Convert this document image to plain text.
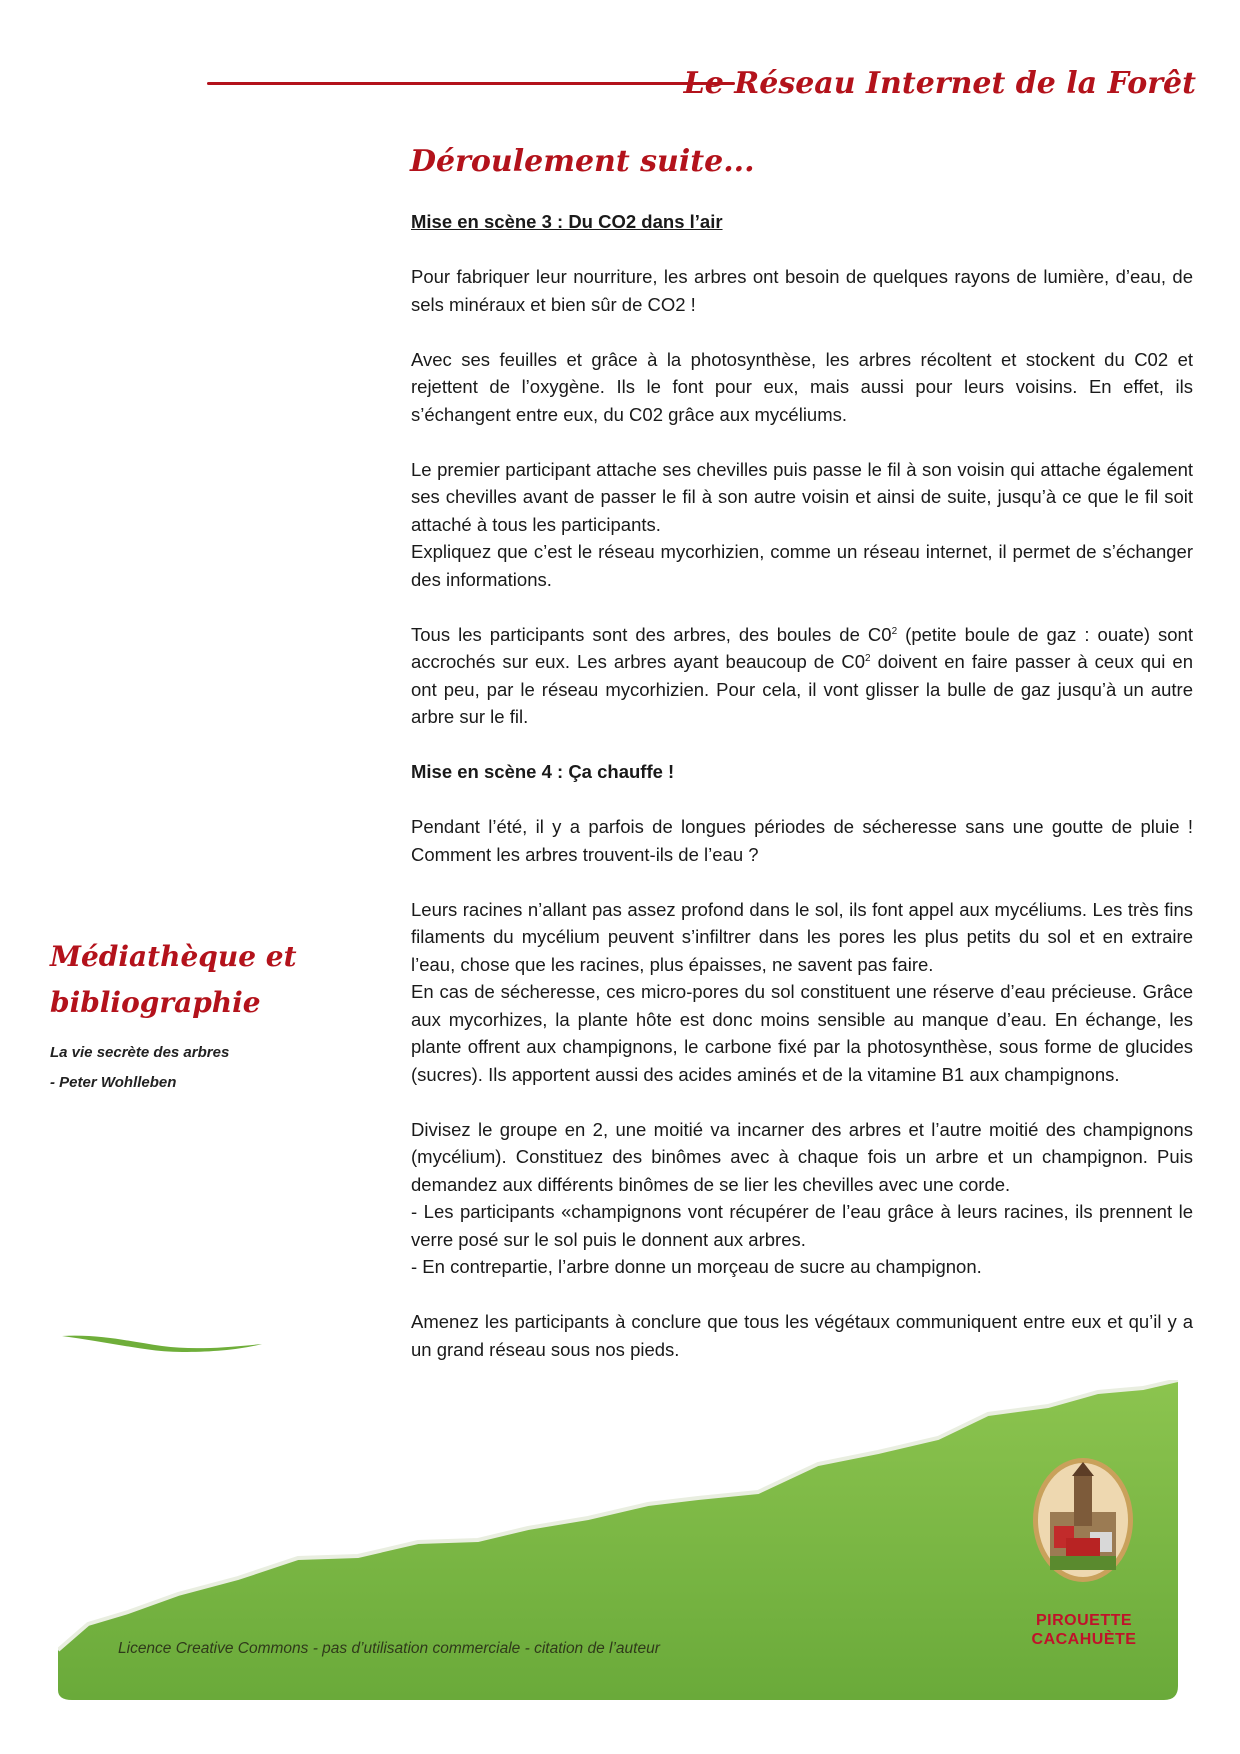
Le Réseau Internet de la Forêt
Déroulement suite...

Mise en scène 3 : Du CO2 dans l’air

Pour fabriquer leur nourriture, les arbres ont besoin de quelques rayons de lumière, d’eau, de sels minéraux et bien sûr de CO2 !

Avec ses feuilles et grâce à la photosynthèse, les arbres récoltent et stockent du C02 et rejettent de l’oxygène. Ils le font pour eux, mais aussi pour leurs voisins. En effet, ils s’échangent entre eux, du C02 grâce aux mycéliums.

Le premier participant attache ses chevilles puis passe le fil à son voisin qui attache également ses chevilles avant de passer le fil à son autre voisin et ainsi de suite, jusqu’à ce que le fil soit attaché à tous les participants.

Expliquez que c’est le réseau mycorhizien, comme un réseau internet, il permet de s’échanger des informations.

Tous les participants sont des arbres, des boules de $C0^2$ (petite boule de gaz : ouate) sont accrochés sur eux. Les arbres ayant beaucoup de $C0^2$ doivent en faire passer à ceux qui en ont peu, par le réseau mycorhizien. Pour cela, il vont glisser la bulle de gaz jusqu’à un autre arbre sur le fil.

Mise en scène 4 : Ça chauffe !

Pendant l’été, il y a parfois de longues périodes de sécheresse sans une goutte de pluie ! Comment les arbres trouvent-ils de l’eau ?

Leurs racines n’allant pas assez profond dans le sol, ils font appel aux mycéliums. Les très fins filaments du mycélium peuvent s’infiltrer dans les pores les plus petits du sol et en extraire l’eau, chose que les racines, plus épaisses, ne savent pas faire.

En cas de sécheresse, ces micro-pores du sol constituent une réserve d’eau précieuse. Grâce aux mycorhizes, la plante hôte est donc moins sensible au manque d’eau. En échange, les plante offrent aux champignons, le carbone fixé par la photosynthèse, sous forme de glucides (sucres). Ils apportent aussi des acides aminés et de la vitamine B1 aux champignons.

Divisez le groupe en 2, une moitié va incarner des arbres et l’autre moitié des champignons (mycélium). Constituez des binômes avec à chaque fois un arbre et un champignon. Puis demandez aux différents binômes de se lier les chevilles avec une corde.

- Les participants «champignons vont récupérer de l’eau grâce à leurs racines, ils prennent le verre posé sur le sol puis le donnent aux arbres.

- En contrepartie, l’arbre donne un morçeau de sucre au champignon.

Amenez les participants à conclure que tous les végétaux communiquent entre eux et qu’il y a un grand réseau sous nos pieds.

Médiathèque et bibliographie
La vie secrète des arbres
- Peter Wohlleben
Licence Creative Commons - pas d’utilisation commerciale - citation de l’auteur
PIROUETTE
CACAHUÈTE
